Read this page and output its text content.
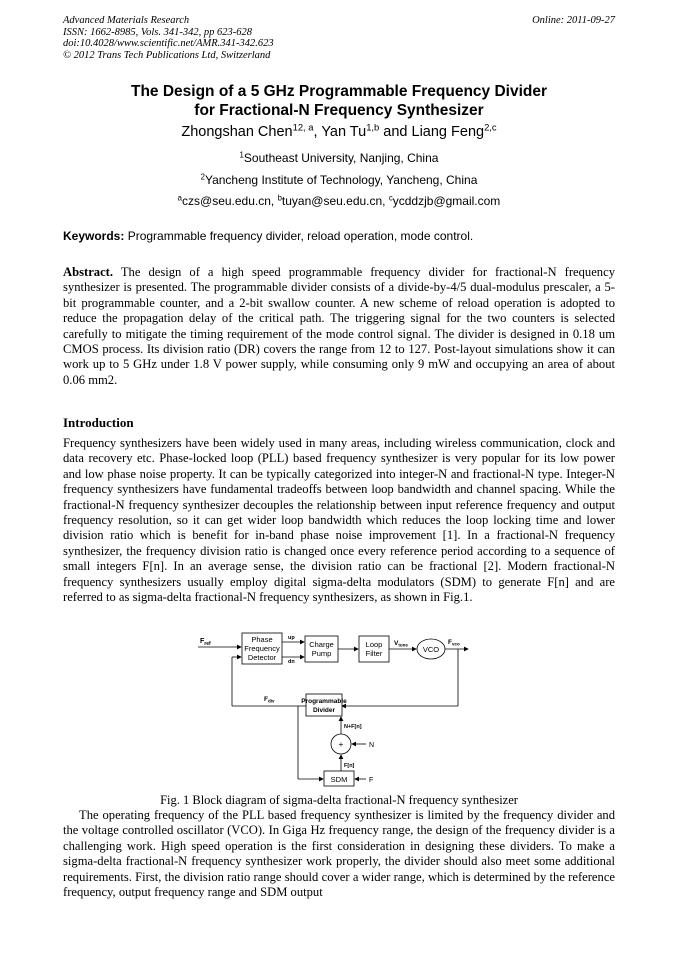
Advanced Materials Research
ISSN: 1662-8985, Vols. 341-342, pp 623-628
doi:10.4028/www.scientific.net/AMR.341-342.623
© 2012 Trans Tech Publications Ltd, Switzerland
Online: 2011-09-27
The Design of a 5 GHz Programmable Frequency Divider
for Fractional-N Frequency Synthesizer
Zhongshan Chen$^{12, a}$, Yan Tu$^{1,b}$ and Liang Feng$^{2,c}$
$^1$Southeast University, Nanjing, China
$^2$Yancheng Institute of Technology, Yancheng, China
$^a$czs@seu.edu.cn, $^b$tuyan@seu.edu.cn, $^c$ycddzjb@gmail.com
Keywords: Programmable frequency divider, reload operation, mode control.
Abstract. The design of a high speed programmable frequency divider for fractional-N frequency synthesizer is presented. The programmable divider consists of a divide-by-4/5 dual-modulus prescaler, a 5-bit programmable counter, and a 2-bit swallow counter. A new scheme of reload operation is adopted to reduce the propagation delay of the critical path. The triggering signal for the two counters is selected carefully to mitigate the timing requirement of the mode control signal. The divider is designed in 0.18 um CMOS process. Its division ratio (DR) covers the range from 12 to 127. Post-layout simulations show it can work up to 5 GHz under 1.8 V power supply, while consuming only 9 mW and occupying an area of about 0.06 mm2.
Introduction
Frequency synthesizers have been widely used in many areas, including wireless communication, clock and data recovery etc. Phase-locked loop (PLL) based frequency synthesizer is very popular for its low power and low phase noise property. It can be typically categorized into integer-N and fractional-N type. Integer-N frequency synthesizers have fundamental tradeoffs between loop bandwidth and channel spacing. While the fractional-N frequency synthesizer decouples the relationship between input reference frequency and output frequency resolution, so it can get wider loop bandwidth which reduces the loop locking time and lower division ratio which is benefit for in-band phase noise improvement [1]. In a fractional-N frequency synthesizer, the frequency division ratio is changed once every reference period according to a sequence of small integers F[n]. In an average sense, the division ratio can be fractional [2]. Modern fractional-N frequency synthesizers usually employ digital sigma-delta modulators (SDM) to generate F[n] and are referred to as sigma-delta fractional-N frequency synthesizers, as shown in Fig.1.
Phase
Frequency
Detector
Charge
Pump
Loop
Filter	VCO
$F_{ref}$
up
dn
$V_{tune}$	$F_{vco}$
Programmable
Divider
$F_{div}$
+
N+F[n]
N
SDM
F[n]
F
Fig. 1 Block diagram of sigma-delta fractional-N frequency synthesizer
The operating frequency of the PLL based frequency synthesizer is limited by the frequency divider and the voltage controlled oscillator (VCO). In Giga Hz frequency range, the design of the frequency divider is a challenging work. High speed operation is the first consideration in designing these dividers. To make a sigma-delta fractional-N frequency synthesizer work properly, the divider should also meet some additional requirements. First, the division ratio range should cover a wider range, which is determined by the reference frequency, output frequency range and SDM output
